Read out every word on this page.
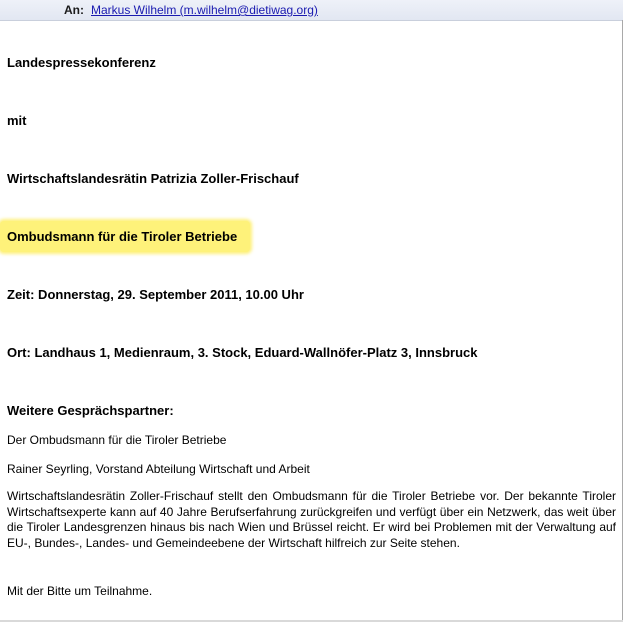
An: Markus Wilhelm (m.wilhelm@dietiwag.org)
Landespressekonferenz
mit
Wirtschaftslandesrätin Patrizia Zoller-Frischauf
Ombudsmann für die Tiroler Betriebe
Zeit: Donnerstag, 29. September 2011, 10.00 Uhr
Ort: Landhaus 1, Medienraum, 3. Stock, Eduard-Wallnöfer-Platz 3, Innsbruck
Weitere Gesprächspartner:
Der Ombudsmann für die Tiroler Betriebe
Rainer Seyrling, Vorstand Abteilung Wirtschaft und Arbeit
Wirtschaftslandesrätin Zoller-Frischauf stellt den Ombudsmann für die Tiroler Betriebe vor. Der bekannte Tiroler Wirtschaftsexperte kann auf 40 Jahre Berufserfahrung zurückgreifen und verfügt über ein Netzwerk, das weit über die Tiroler Landesgrenzen hinaus bis nach Wien und Brüssel reicht. Er wird bei Problemen mit der Verwaltung auf EU-, Bundes-, Landes- und Gemeindeebene der Wirtschaft hilfreich zur Seite stehen.
Mit der Bitte um Teilnahme.
